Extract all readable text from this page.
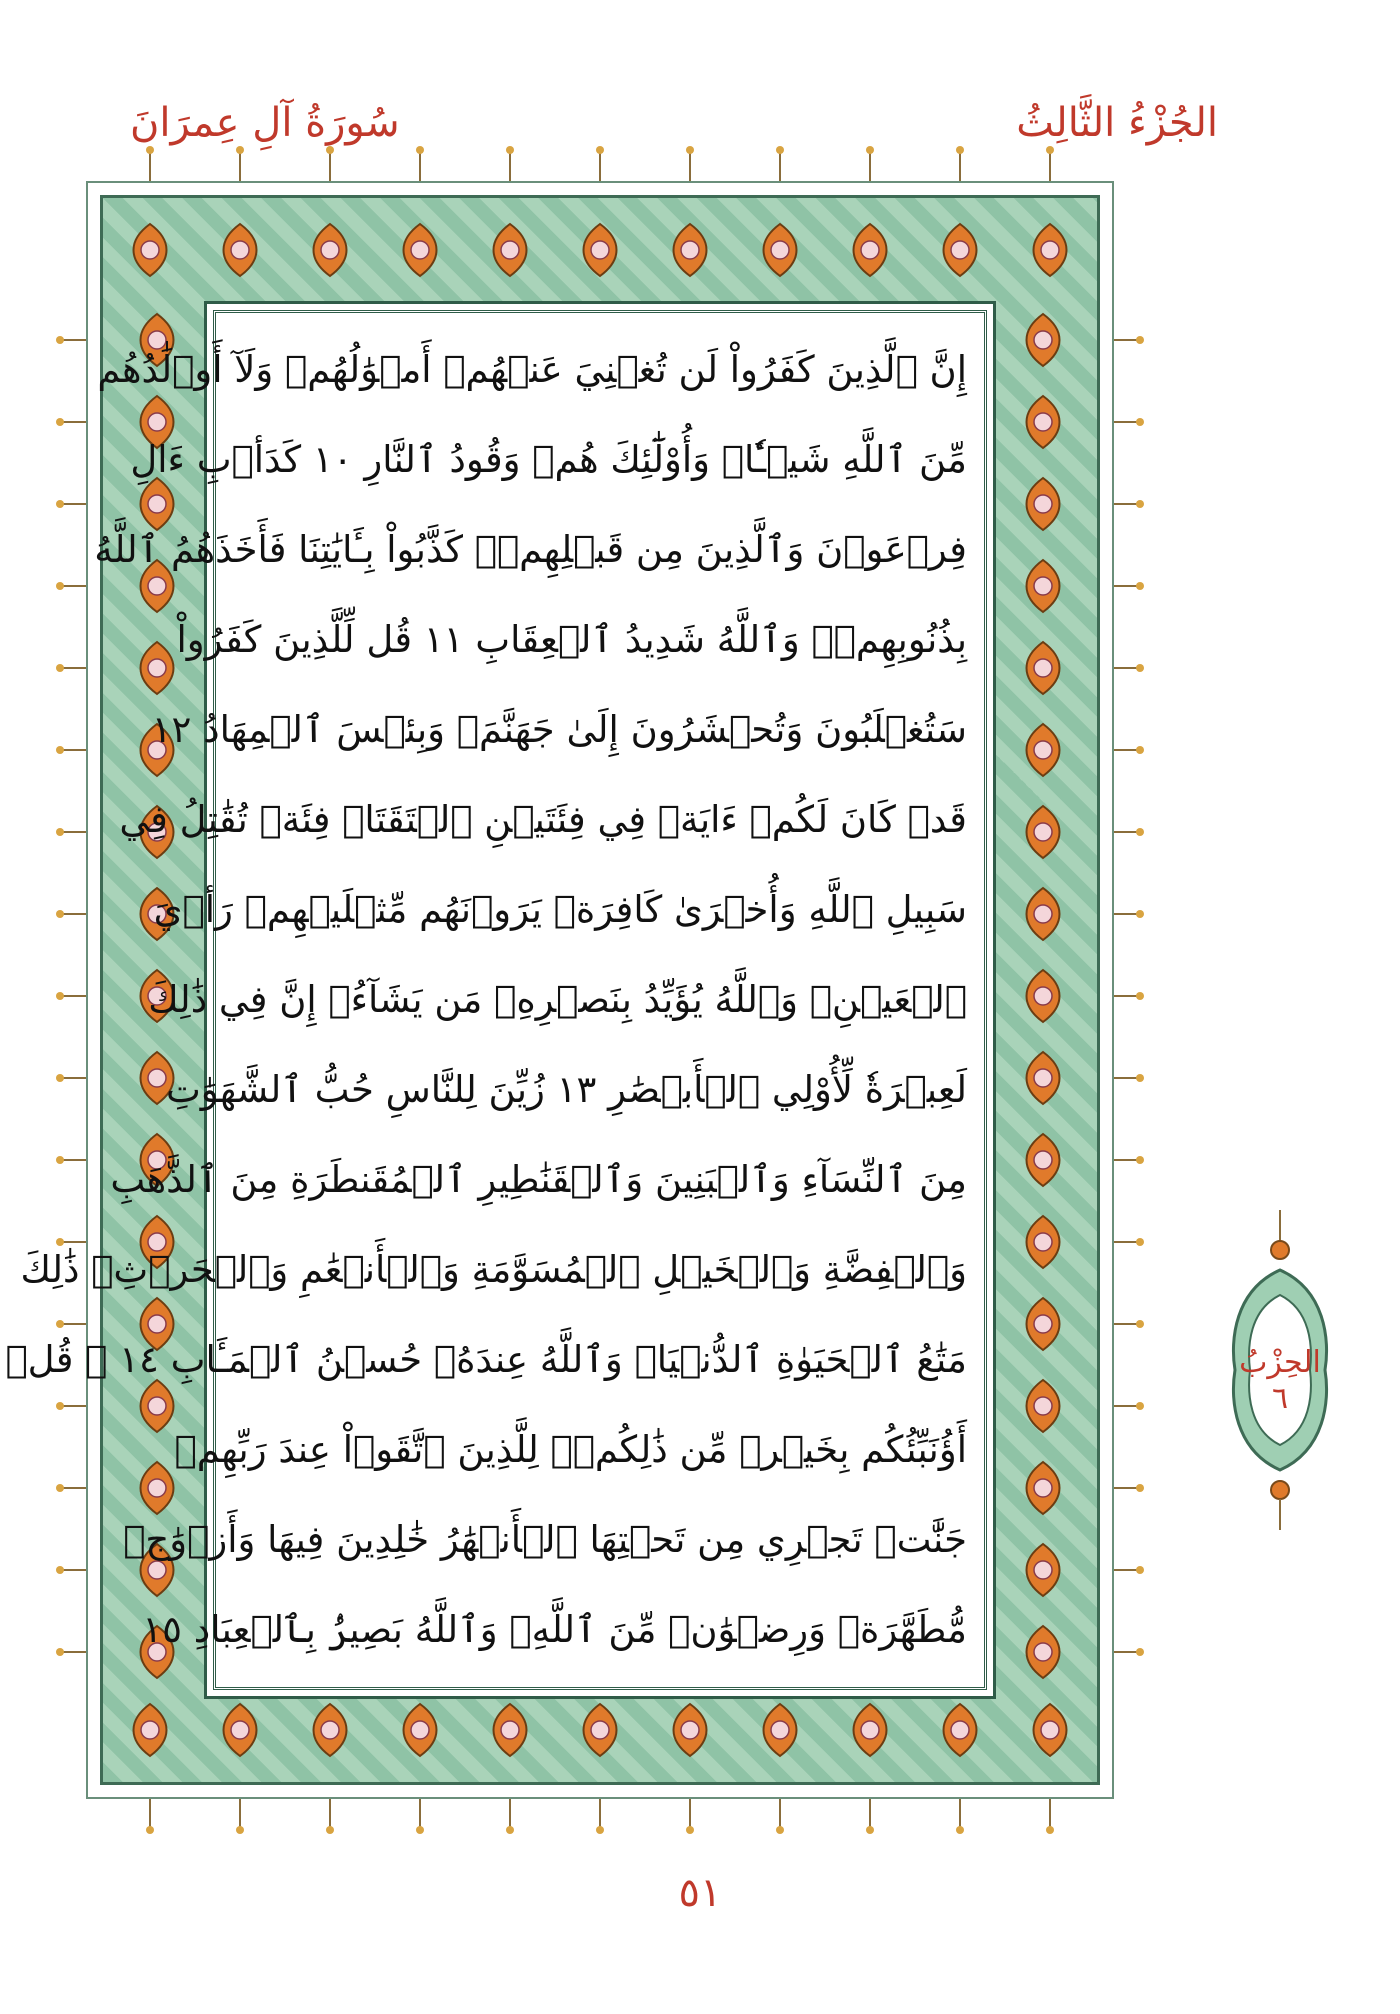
الجُزْءُ الثَّالِثُ
سُورَةُ آلِ عِمرَانَ
إِنَّ ٱلَّذِينَ كَفَرُواْ لَن تُغۡنِيَ عَنۡهُمۡ أَمۡوَٰلُهُمۡ وَلَآ أَوۡلَٰدُهُم
مِّنَ ٱللَّهِ شَيۡـٔٗاۖ وَأُوْلَٰٓئِكَ هُمۡ وَقُودُ ٱلنَّارِ ١٠ كَدَأۡبِ ءَالِ
فِرۡعَوۡنَ وَٱلَّذِينَ مِن قَبۡلِهِمۡۚ كَذَّبُواْ بِـَٔايَٰتِنَا فَأَخَذَهُمُ ٱللَّهُ
بِذُنُوبِهِمۡۗ وَٱللَّهُ شَدِيدُ ٱلۡعِقَابِ ١١ قُل لِّلَّذِينَ كَفَرُواْ
سَتُغۡلَبُونَ وَتُحۡشَرُونَ إِلَىٰ جَهَنَّمَۖ وَبِئۡسَ ٱلۡمِهَادُ ١٢
قَدۡ كَانَ لَكُمۡ ءَايَةٞ فِي فِئَتَيۡنِ ٱلۡتَقَتَاۖ فِئَةٞ تُقَٰتِلُ فِي
سَبِيلِ ٱللَّهِ وَأُخۡرَىٰ كَافِرَةٞ يَرَوۡنَهُم مِّثۡلَيۡهِمۡ رَأۡيَ
ٱلۡعَيۡنِۚ وَٱللَّهُ يُؤَيِّدُ بِنَصۡرِهِۦ مَن يَشَآءُۚ إِنَّ فِي ذَٰلِكَ
لَعِبۡرَةٗ لِّأُوْلِي ٱلۡأَبۡصَٰرِ ١٣ زُيِّنَ لِلنَّاسِ حُبُّ ٱلشَّهَوَٰتِ
مِنَ ٱلنِّسَآءِ وَٱلۡبَنِينَ وَٱلۡقَنَٰطِيرِ ٱلۡمُقَنطَرَةِ مِنَ ٱلذَّهَبِ
وَٱلۡفِضَّةِ وَٱلۡخَيۡلِ ٱلۡمُسَوَّمَةِ وَٱلۡأَنۡعَٰمِ وَٱلۡحَرۡثِۗ ذَٰلِكَ
مَتَٰعُ ٱلۡحَيَوٰةِ ٱلدُّنۡيَاۖ وَٱللَّهُ عِندَهُۥ حُسۡنُ ٱلۡمَـَٔابِ ١٤ ۞ قُلۡ
أَؤُنَبِّئُكُم بِخَيۡرٖ مِّن ذَٰلِكُمۡۖ لِلَّذِينَ ٱتَّقَوۡاْ عِندَ رَبِّهِمۡ
جَنَّٰتٞ تَجۡرِي مِن تَحۡتِهَا ٱلۡأَنۡهَٰرُ خَٰلِدِينَ فِيهَا وَأَزۡوَٰجٞ
مُّطَهَّرَةٞ وَرِضۡوَٰنٞ مِّنَ ٱللَّهِۗ وَٱللَّهُ بَصِيرُۢ بِٱلۡعِبَادِ ١٥
الحِزْبُ
٦
٥١
